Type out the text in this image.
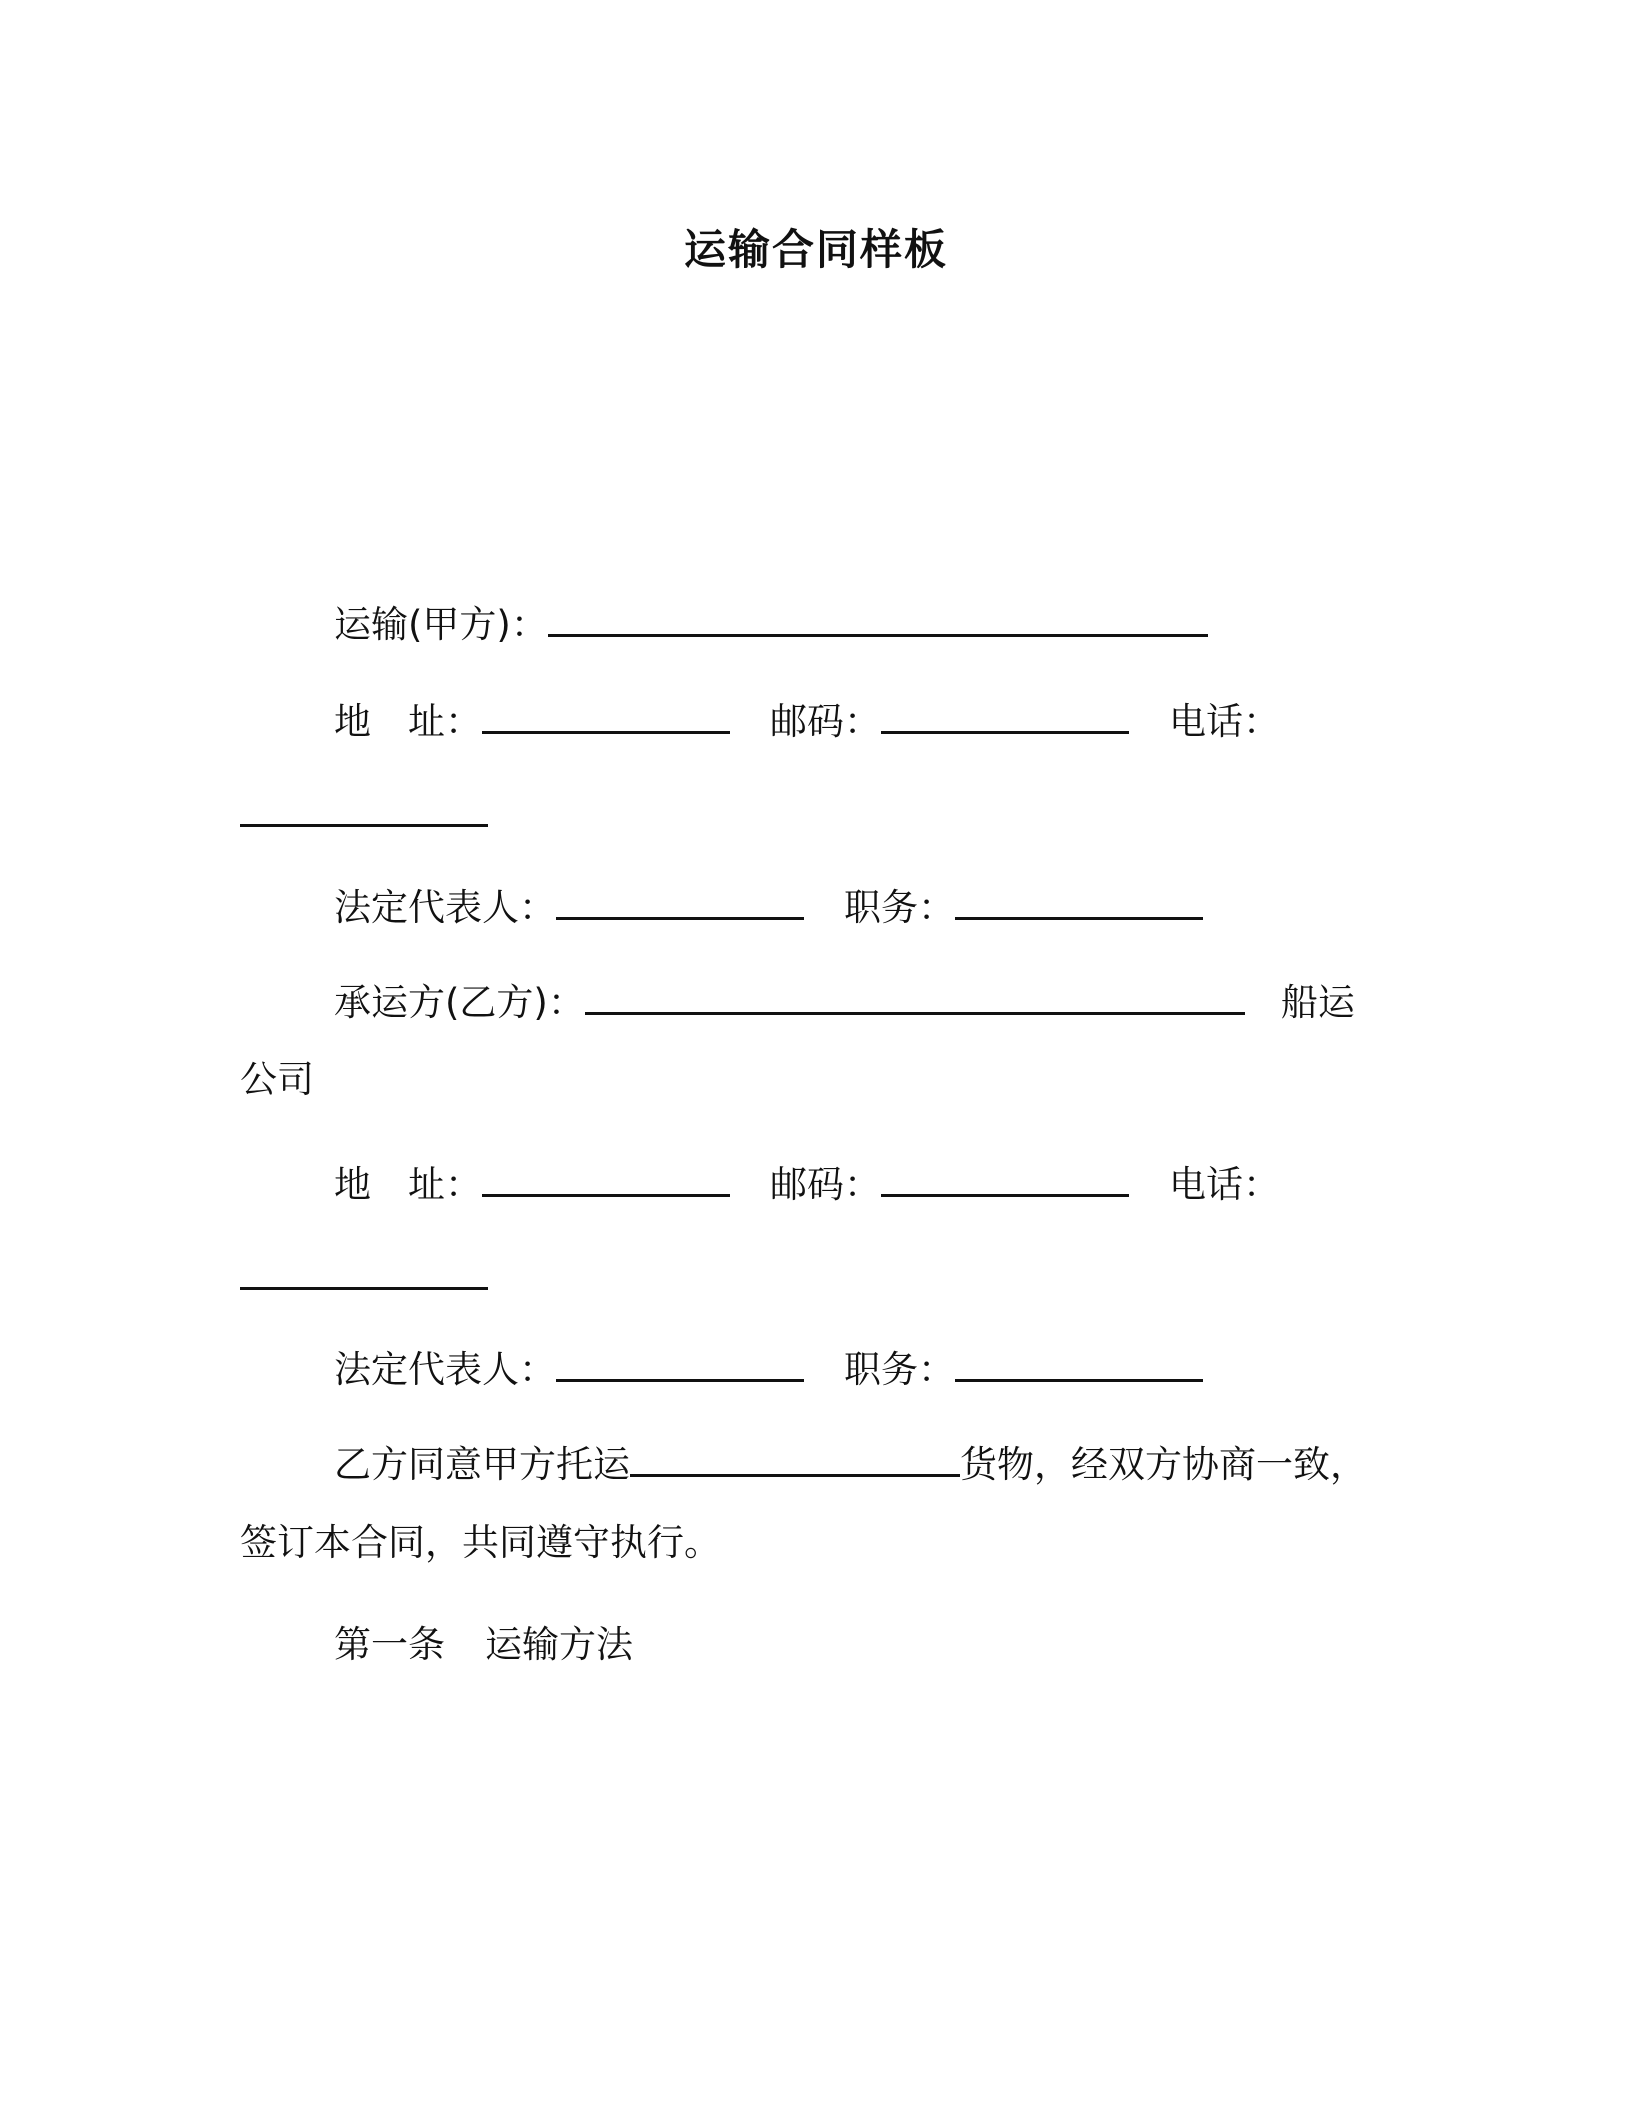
运输合同样板
运输(甲方)：
地　址：	邮码：	电话：
法定代表人：	职务：
承运方(乙方)：	船运
公司
地　址：	邮码：	电话：
法定代表人：	职务：
乙方同意甲方托运	货物，经双方协商一致，
签订本合同，共同遵守执行。
第一条 运输方法
